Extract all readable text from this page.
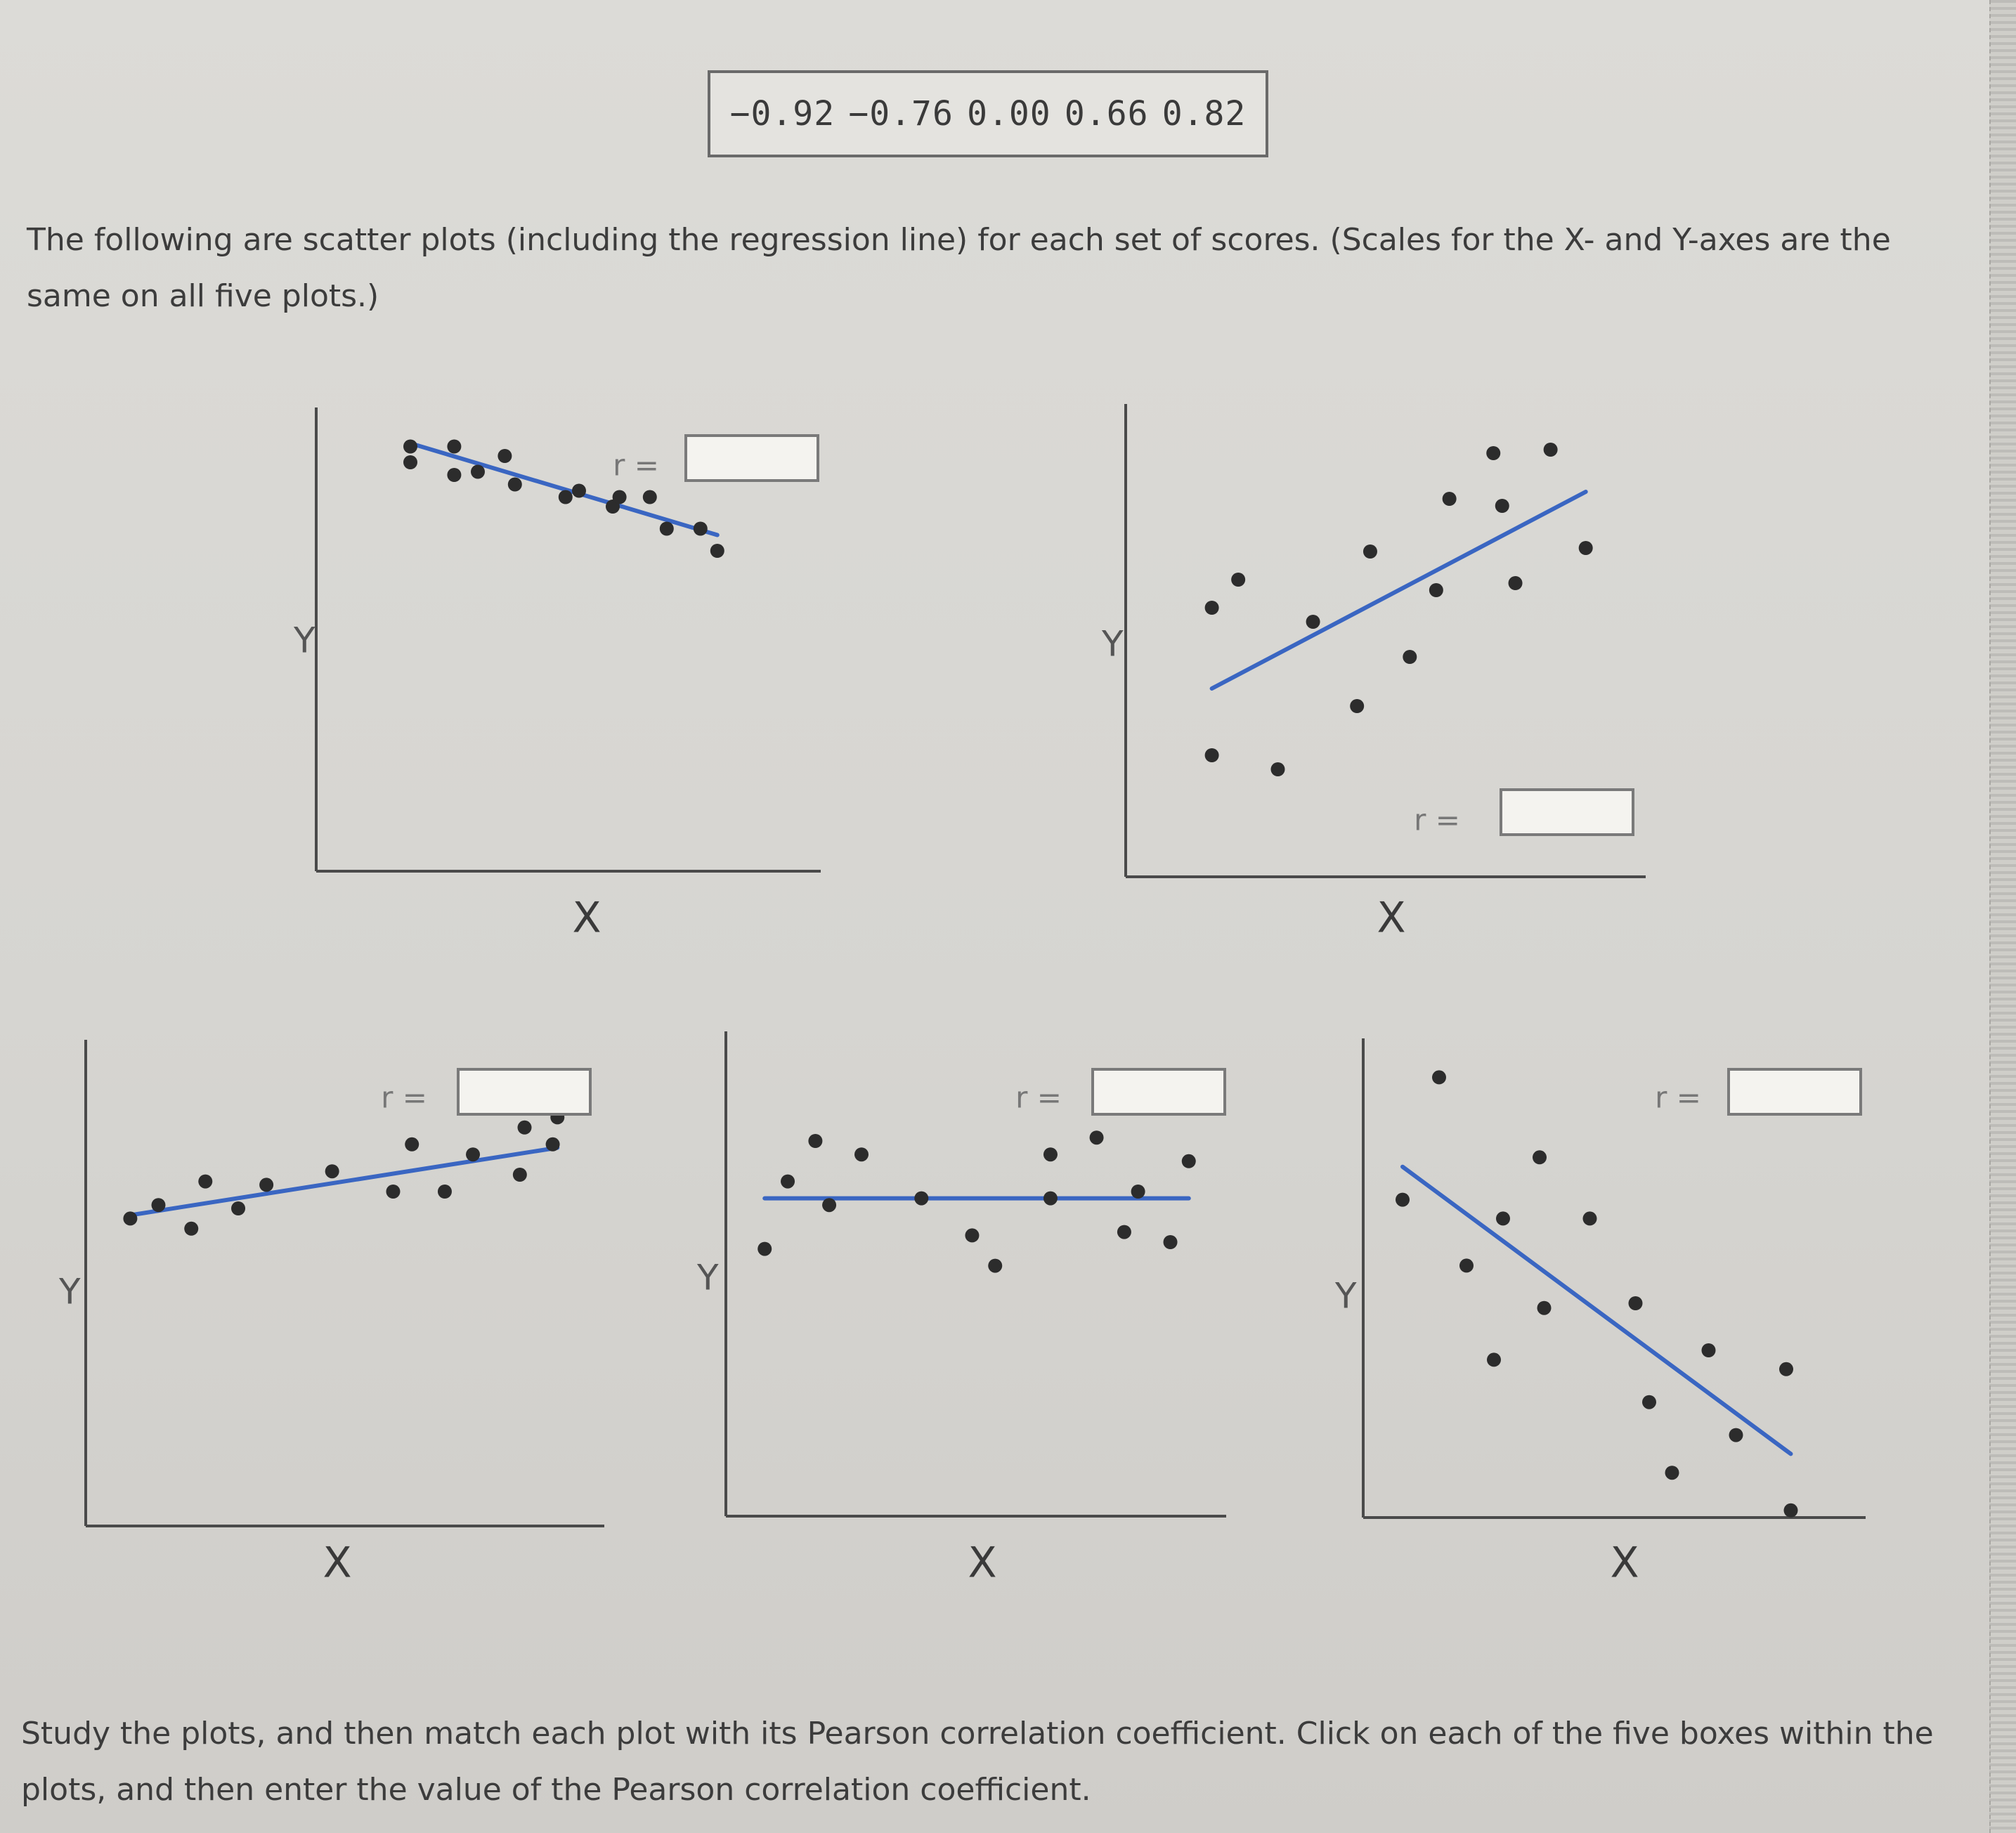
−0.92 −0.76 0.00 0.66 0.82
The following are scatter plots (including the regression line) for each set of scores. (Scales for the X- and Y-axes are the same on all five plots.)
Y
X
r =
Y
X
r =
Y
X
r =
Y
X
r =
Y
X
r =
Study the plots, and then match each plot with its Pearson correlation coefficient. Click on each of the five boxes within the plots, and then enter the value of the Pearson correlation coefficient.
